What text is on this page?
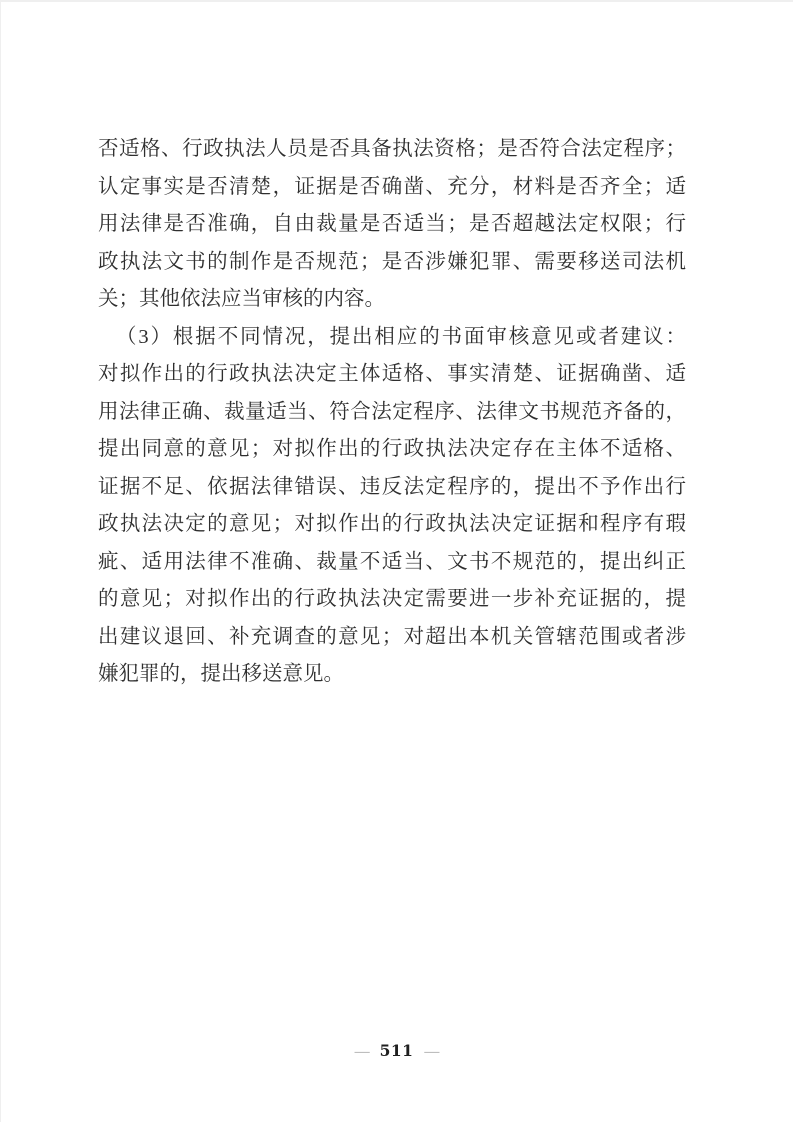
否适格、行政执法人员是否具备执法资格；是否符合法定程序；
认定事实是否清楚，证据是否确凿、充分，材料是否齐全；适
用法律是否准确，自由裁量是否适当；是否超越法定权限；行
政执法文书的制作是否规范；是否涉嫌犯罪、需要移送司法机
关；其他依法应当审核的内容。
（3）根据不同情况，提出相应的书面审核意见或者建议：
对拟作出的行政执法决定主体适格、事实清楚、证据确凿、适
用法律正确、裁量适当、符合法定程序、法律文书规范齐备的，
提出同意的意见；对拟作出的行政执法决定存在主体不适格、
证据不足、依据法律错误、违反法定程序的，提出不予作出行
政执法决定的意见；对拟作出的行政执法决定证据和程序有瑕
疵、适用法律不准确、裁量不适当、文书不规范的，提出纠正
的意见；对拟作出的行政执法决定需要进一步补充证据的，提
出建议退回、补充调查的意见；对超出本机关管辖范围或者涉
嫌犯罪的，提出移送意见。
— 511 —
